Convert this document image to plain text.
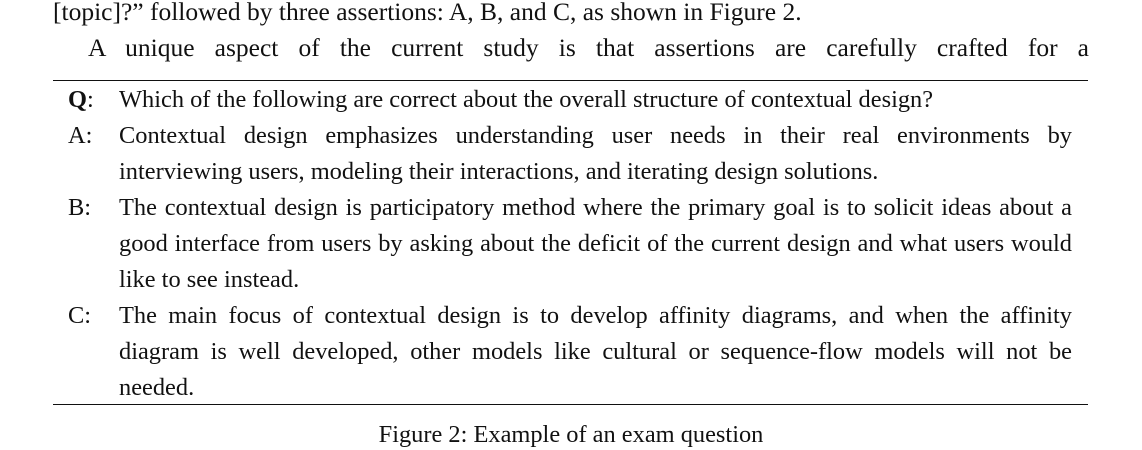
[topic]?” followed by three assertions: A, B, and C, as shown in Figure 2.
A unique aspect of the current study is that assertions are carefully crafted for a
Q:	Which of the following are correct about the overall structure of contextual design?
A:	Contextual design emphasizes understanding user needs in their real environments by interviewing users, modeling their interactions, and iterating design solutions.
B:	The contextual design is participatory method where the primary goal is to solicit ideas about a good interface from users by asking about the deficit of the current design and what users would like to see instead.
C:	The main focus of contextual design is to develop affinity diagrams, and when the affinity diagram is well developed, other models like cultural or sequence-flow models will not be needed.
Figure 2: Example of an exam question
